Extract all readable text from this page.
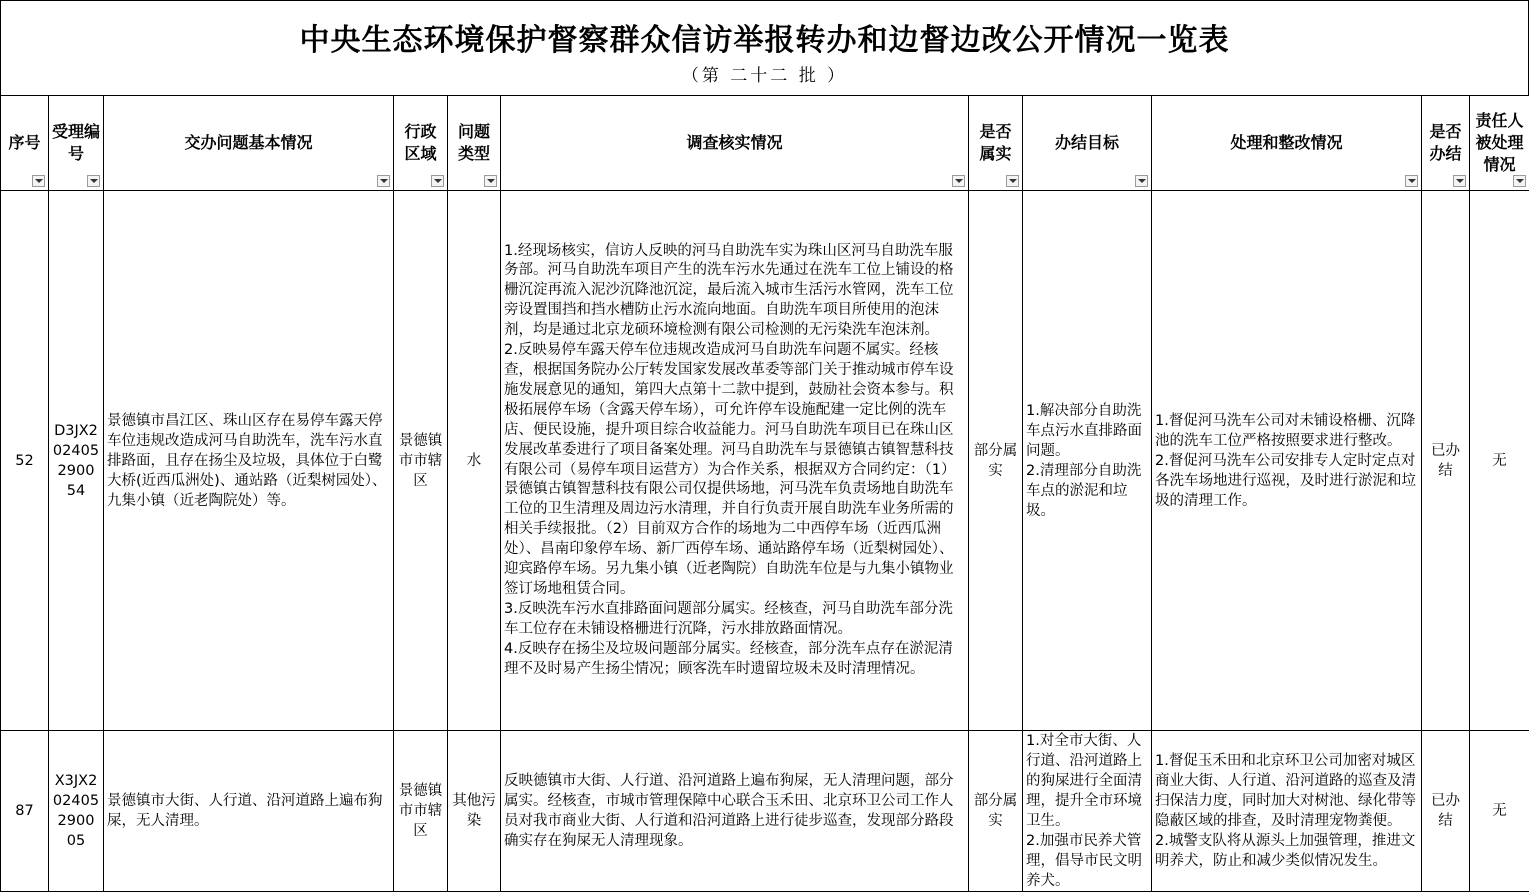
中央生态环境保护督察群众信访举报转办和边督边改公开情况一览表
（第 二十二 批 ）
序号	受理编号	交办问题基本情况	行政区域	问题类型	调查核实情况	是否属实	办结目标	处理和整改情况	是否办结	责任人被处理情况

52	D3JX2024052900 54	景德镇市昌江区、珠山区存在易停车露天停车位违规改造成河马自助洗车，洗车污水直排路面，且存在扬尘及垃圾，具体位于白鹭大桥(近西瓜洲处)、通站路（近梨树园处）、九集小镇（近老陶院处）等。	景德镇市市辖区	水	1.经现场核实，信访人反映的河马自助洗车实为珠山区河马自助洗车服务部。河马自助洗车项目产生的洗车污水先通过在洗车工位上铺设的格栅沉淀再流入泥沙沉降池沉淀，最后流入城市生活污水管网，洗车工位旁设置围挡和挡水槽防止污水流向地面。自助洗车项目所使用的泡沫剂，均是通过北京龙硕环境检测有限公司检测的无污染洗车泡沫剂。
2.反映易停车露天停车位违规改造成河马自助洗车问题不属实。经核查，根据国务院办公厅转发国家发展改革委等部门关于推动城市停车设施发展意见的通知，第四大点第十二款中提到，鼓励社会资本参与。积极拓展停车场（含露天停车场），可允许停车设施配建一定比例的洗车店、便民设施，提升项目综合收益能力。河马自助洗车项目已在珠山区发展改革委进行了项目备案处理。河马自助洗车与景德镇古镇智慧科技有限公司（易停车项目运营方）为合作关系，根据双方合同约定：（1）景德镇古镇智慧科技有限公司仅提供场地，河马洗车负责场地自助洗车工位的卫生清理及周边污水清理，并自行负责开展自助洗车业务所需的相关手续报批。（2）目前双方合作的场地为二中西停车场（近西瓜洲处）、昌南印象停车场、新厂西停车场、通站路停车场（近梨树园处）、迎宾路停车场。另九集小镇（近老陶院）自助洗车位是与九集小镇物业签订场地租赁合同。
3.反映洗车污水直排路面问题部分属实。经核查，河马自助洗车部分洗车工位存在未铺设格栅进行沉降，污水排放路面情况。
4.反映存在扬尘及垃圾问题部分属实。经核查，部分洗车点存在淤泥清理不及时易产生扬尘情况；顾客洗车时遗留垃圾未及时清理情况。	部分属实	1.解决部分自助洗车点污水直排路面问题。
2.清理部分自助洗车点的淤泥和垃圾。	1.督促河马洗车公司对未铺设格栅、沉降池的洗车工位严格按照要求进行整改。
2.督促河马洗车公司安排专人定时定点对各洗车场地进行巡视，及时进行淤泥和垃圾的清理工作。	已办结	无
87	X3JX2024052900 05	景德镇市大街、人行道、沿河道路上遍布狗屎，无人清理。	景德镇市市辖区	其他污染	反映德镇市大街、人行道、沿河道路上遍布狗屎，无人清理问题，部分属实。经核查，市城市管理保障中心联合玉禾田、北京环卫公司工作人员对我市商业大街、人行道和沿河道路上进行徒步巡查，发现部分路段确实存在狗屎无人清理现象。	部分属实	1.对全市大街、人行道、沿河道路上的狗屎进行全面清理，提升全市环境卫生。
2.加强市民养犬管理，倡导市民文明养犬。	1.督促玉禾田和北京环卫公司加密对城区商业大街、人行道、沿河道路的巡查及清扫保洁力度，同时加大对树池、绿化带等隐蔽区域的排查，及时清理宠物粪便。
2.城警支队将从源头上加强管理，推进文明养犬，防止和减少类似情况发生。	已办结	无
